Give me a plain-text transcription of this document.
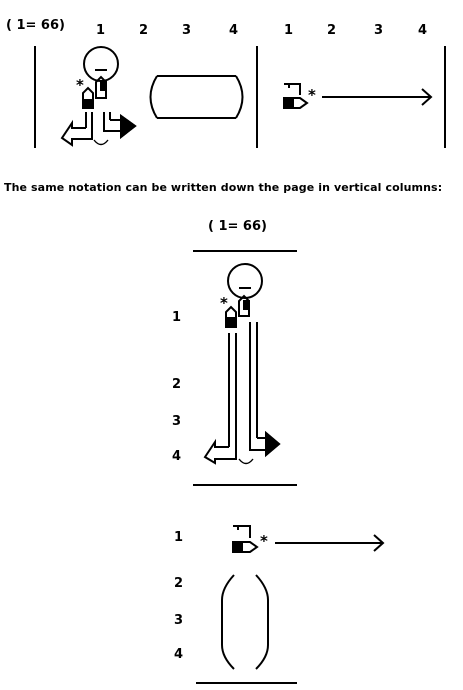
( 1= 66) 1	2	3	4	1	2	3	4
*
*
The same notation can be written down the page in vertical columns:
( 1= 66)
1
2
3
4
1
2
3
4
*
*
